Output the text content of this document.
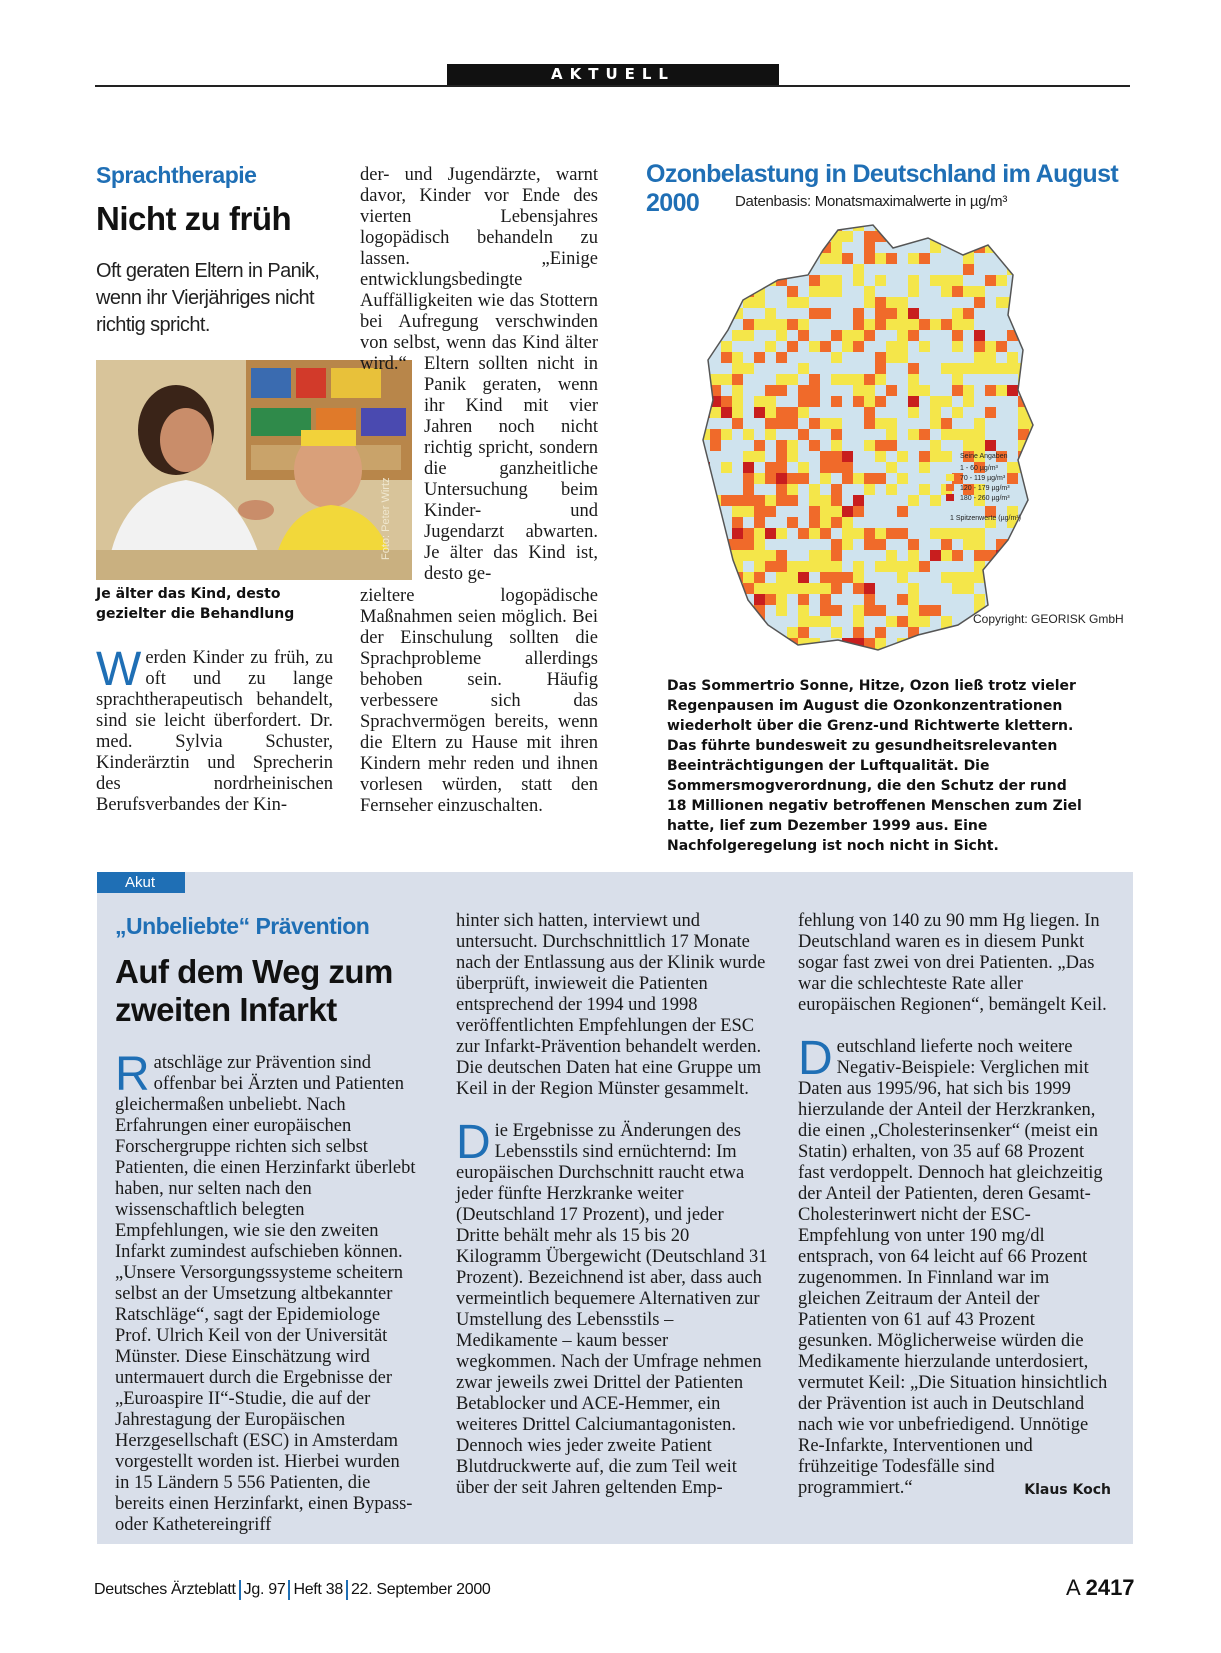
AKTUELL
Sprachtherapie
Nicht zu früh
Oft geraten Eltern in Panik, wenn ihr Vierjähriges nicht richtig spricht.
Foto: Peter Wirtz
Je älter das Kind, desto gezielter die Behandlung
Werden Kinder zu früh, zu oft und zu lange sprachtherapeutisch behandelt, sind sie leicht überfordert. Dr. med. Sylvia Schuster, Kinderärztin und Sprecherin des nordrheinischen Berufsverbandes der Kin-
der- und Jugendärzte, warnt davor, Kinder vor Ende des vierten Lebensjahres logopädisch behandeln zu lassen. „Einige entwicklungsbedingte Auffälligkeiten wie das Stottern bei Aufregung verschwinden von selbst, wenn das Kind älter wird.“ Eltern sollten nicht in Panik geraten, wenn ihr Kind mit vier Jahren noch nicht richtig spricht, sondern die ganzheitliche Untersuchung beim Kinder- und Jugendarzt abwarten. Je älter das Kind ist, desto ge-
zieltere logopädische Maßnahmen seien möglich. Bei der Einschulung sollten die Sprachprobleme allerdings behoben sein. Häufig verbessere sich das Sprachvermögen bereits, wenn die Eltern zu Hause mit ihren Kindern mehr reden und ihnen vorlesen würden, statt den Fernseher einzuschalten.
Ozonbelastung in Deutschland im August 2000	Datenbasis: Monatsmaximalwerte in µg/m³
Seine Angaben
1 - 60 µg/m³
70 - 119 µg/m³
120 - 179 µg/m³
180 - 260 µg/m³
1 Spitzenwerte (µg/m³)
Copyright: GEORISK GmbH
Das Sommertrio Sonne, Hitze, Ozon ließ trotz vieler Regenpausen im August die Ozonkonzentrationen wiederholt über die Grenz-und Richtwerte klettern. Das führte bundesweit zu gesundheitsrelevanten Beeinträchtigungen der Luftqualität. Die Sommersmogverordnung, die den Schutz der rund 18 Millionen negativ betroffenen Menschen zum Ziel hatte, lief zum Dezember 1999 aus. Eine Nachfolgeregelung ist noch nicht in Sicht.
Akut
„Unbeliebte“ Prävention
Auf dem Weg zum zweiten Infarkt
Ratschläge zur Prävention sind offenbar bei Ärzten und Patienten gleichermaßen unbeliebt. Nach Erfahrungen einer europäischen Forschergruppe richten sich selbst Patienten, die einen Herzinfarkt überlebt haben, nur selten nach den wissenschaftlich belegten Empfehlungen, wie sie den zweiten Infarkt zumindest aufschieben können. „Unsere Versorgungssysteme scheitern selbst an der Umsetzung altbekannter Ratschläge“, sagt der Epidemiologe Prof. Ulrich Keil von der Universität Münster. Diese Einschätzung wird untermauert durch die Ergebnisse der „Euroaspire II“-Studie, die auf der Jahrestagung der Europäischen Herzgesellschaft (ESC) in Amsterdam vorgestellt worden ist. Hierbei wurden in 15 Ländern 5 556 Patienten, die bereits einen Herzinfarkt, einen Bypass- oder Kathetereingriff
hinter sich hatten, interviewt und untersucht. Durchschnittlich 17 Monate nach der Entlassung aus der Klinik wurde überprüft, inwieweit die Patienten entsprechend der 1994 und 1998 veröffentlichten Empfehlungen der ESC zur Infarkt-Prävention behandelt werden. Die deutschen Daten hat eine Gruppe um Keil in der Region Münster gesammelt.
Die Ergebnisse zu Änderungen des Lebensstils sind ernüchternd: Im europäischen Durchschnitt raucht etwa jeder fünfte Herzkranke weiter (Deutschland 17 Prozent), und jeder Dritte behält mehr als 15 bis 20 Kilogramm Übergewicht (Deutschland 31 Prozent). Bezeichnend ist aber, dass auch vermeintlich bequemere Alternativen zur Umstellung des Lebensstils – Medikamente – kaum besser wegkommen. Nach der Umfrage nehmen zwar jeweils zwei Drittel der Patienten Betablocker und ACE-Hemmer, ein weiteres Drittel Calciumantagonisten. Dennoch wies jeder zweite Patient Blutdruckwerte auf, die zum Teil weit über der seit Jahren geltenden Emp-
fehlung von 140 zu 90 mm Hg liegen. In Deutschland waren es in diesem Punkt sogar fast zwei von drei Patienten. „Das war die schlechteste Rate aller europäischen Regionen“, bemängelt Keil.
Deutschland lieferte noch weitere Negativ-Beispiele: Verglichen mit Daten aus 1995/96, hat sich bis 1999 hierzulande der Anteil der Herzkranken, die einen „Cholesterinsenker“ (meist ein Statin) erhalten, von 35 auf 68 Prozent fast verdoppelt. Dennoch hat gleichzeitig der Anteil der Patienten, deren Gesamt-Cholesterinwert nicht der ESC-Empfehlung von unter 190 mg/dl entsprach, von 64 leicht auf 66 Prozent zugenommen. In Finnland war im gleichen Zeitraum der Anteil der Patienten von 61 auf 43 Prozent gesunken. Möglicherweise würden die Medikamente hierzulande unterdosiert, vermutet Keil: „Die Situation hinsichtlich der Prävention ist auch in Deutschland nach wie vor unbefriedigend. Unnötige Re-Infarkte, Interventionen und frühzeitige Todesfälle sind programmiert.“	Klaus Koch
Deutsches Ärzteblatt Jg. 97 Heft 38 22. September 2000	A 2417
